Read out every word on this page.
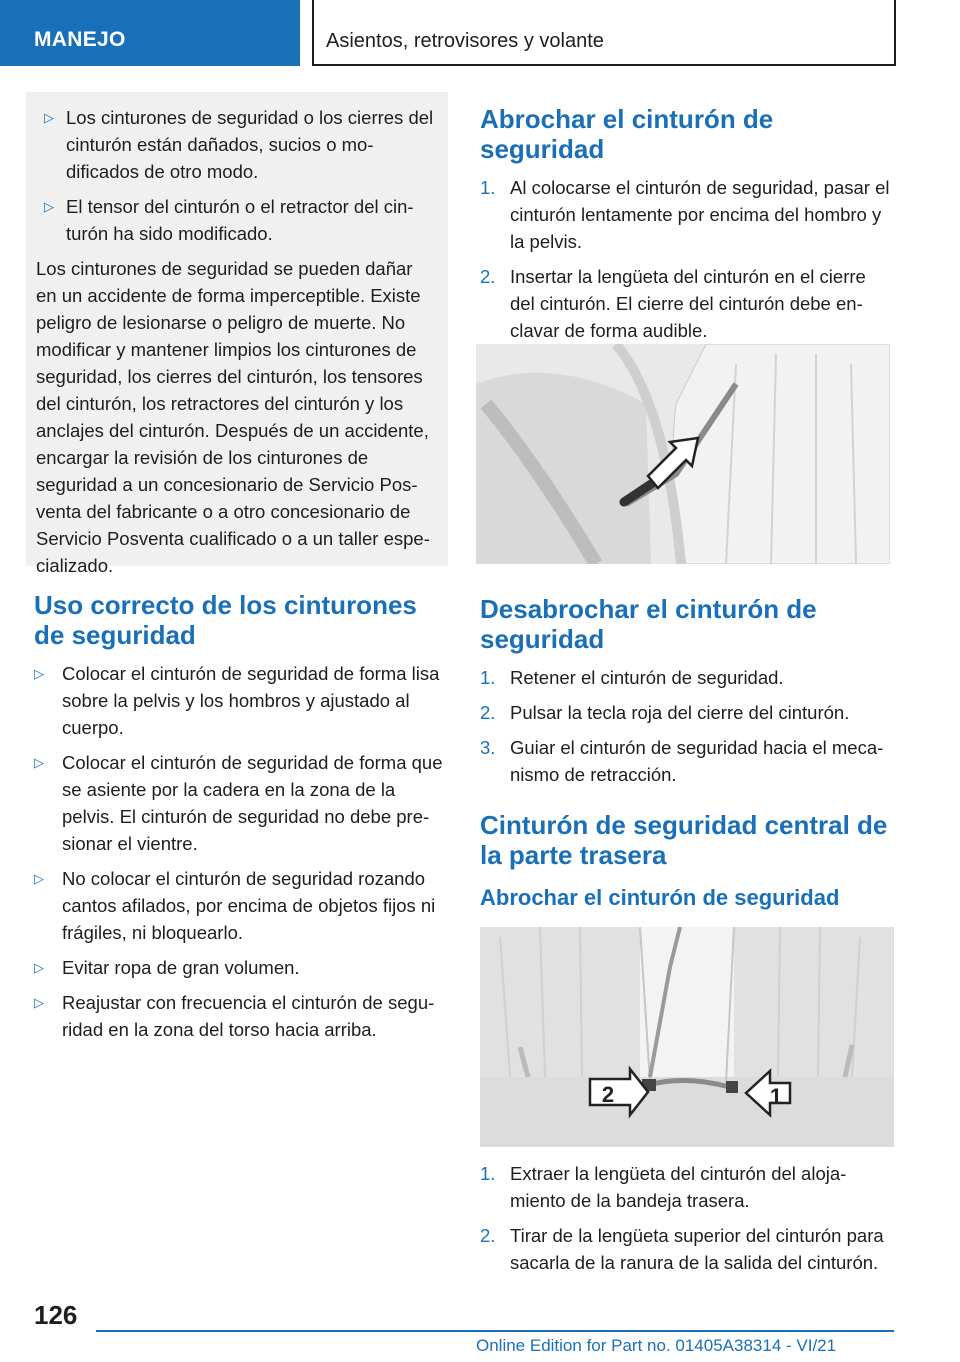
MANEJO	Asientos, retrovisores y volante
▷ Los cinturones de seguridad o los cierres del cinturón están dañados, sucios o modificados de otro modo.
▷ El tensor del cinturón o el retractor del cinturón ha sido modificado.

Los cinturones de seguridad se pueden dañar en un accidente de forma imperceptible. Existe peligro de lesionarse o peligro de muerte. No modificar y mantener limpios los cinturones de seguridad, los cierres del cinturón, los tensores del cinturón, los retractores del cinturón y los anclajes del cinturón. Después de un accidente, encargar la revisión de los cinturones de seguridad a un concesionario de Servicio Posventa del fabricante o a otro concesionario de Servicio Posventa cualificado o a un taller especializado.

Uso correcto de los cinturones de seguridad
▷ Colocar el cinturón de seguridad de forma lisa sobre la pelvis y los hombros y ajustado al cuerpo.
▷ Colocar el cinturón de seguridad de forma que se asiente por la cadera en la zona de la pelvis. El cinturón de seguridad no debe presionar el vientre.
▷ No colocar el cinturón de seguridad rozando cantos afilados, por encima de objetos fijos ni frágiles, ni bloquearlo.
▷ Evitar ropa de gran volumen.
▷ Reajustar con frecuencia el cinturón de seguridad en la zona del torso hacia arriba.
Abrochar el cinturón de seguridad
1. Al colocarse el cinturón de seguridad, pasar el cinturón lentamente por encima del hombro y la pelvis.
2. Insertar la lengüeta del cinturón en el cierre del cinturón. El cierre del cinturón debe enclavar de forma audible.
Desabrochar el cinturón de seguridad
1. Retener el cinturón de seguridad.
2. Pulsar la tecla roja del cierre del cinturón.
3. Guiar el cinturón de seguridad hacia el mecanismo de retracción.
Cinturón de seguridad central de la parte trasera
Abrochar el cinturón de seguridad
2	1
1. Extraer la lengüeta del cinturón del alojamiento de la bandeja trasera.
2. Tirar de la lengüeta superior del cinturón para sacarla de la ranura de la salida del cinturón.
126
Online Edition for Part no. 01405A38314 - VI/21
